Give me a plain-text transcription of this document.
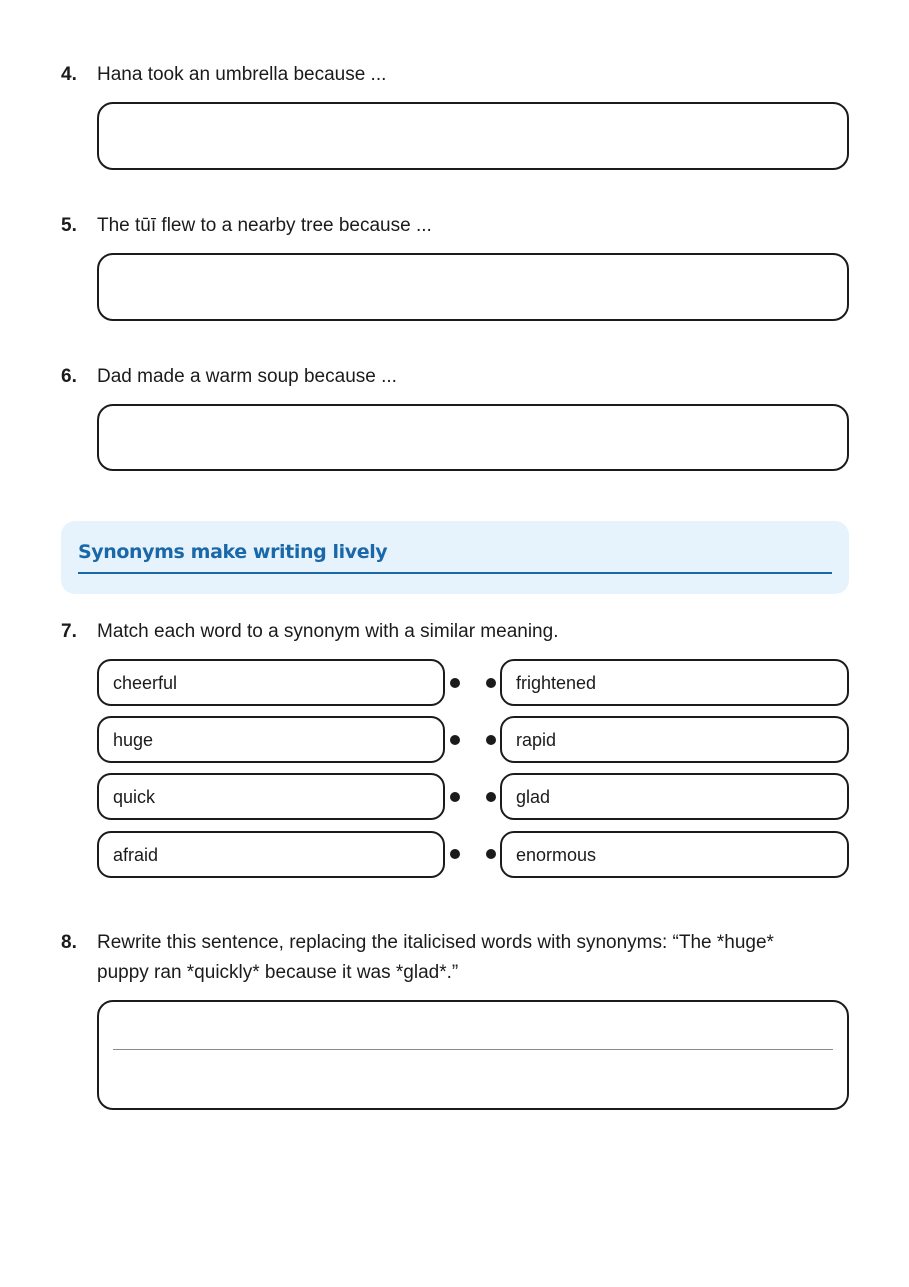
4. Hana took an umbrella because ...
5. The tūī flew to a nearby tree because ...
6. Dad made a warm soup because ...
Synonyms make writing lively
7. Match each word to a synonym with a similar meaning.
cheerful	frightened
huge	rapid
quick	glad
afraid	enormous
8. Rewrite this sentence, replacing the italicised words with synonyms: “The *huge*
puppy ran *quickly* because it was *glad*.”
